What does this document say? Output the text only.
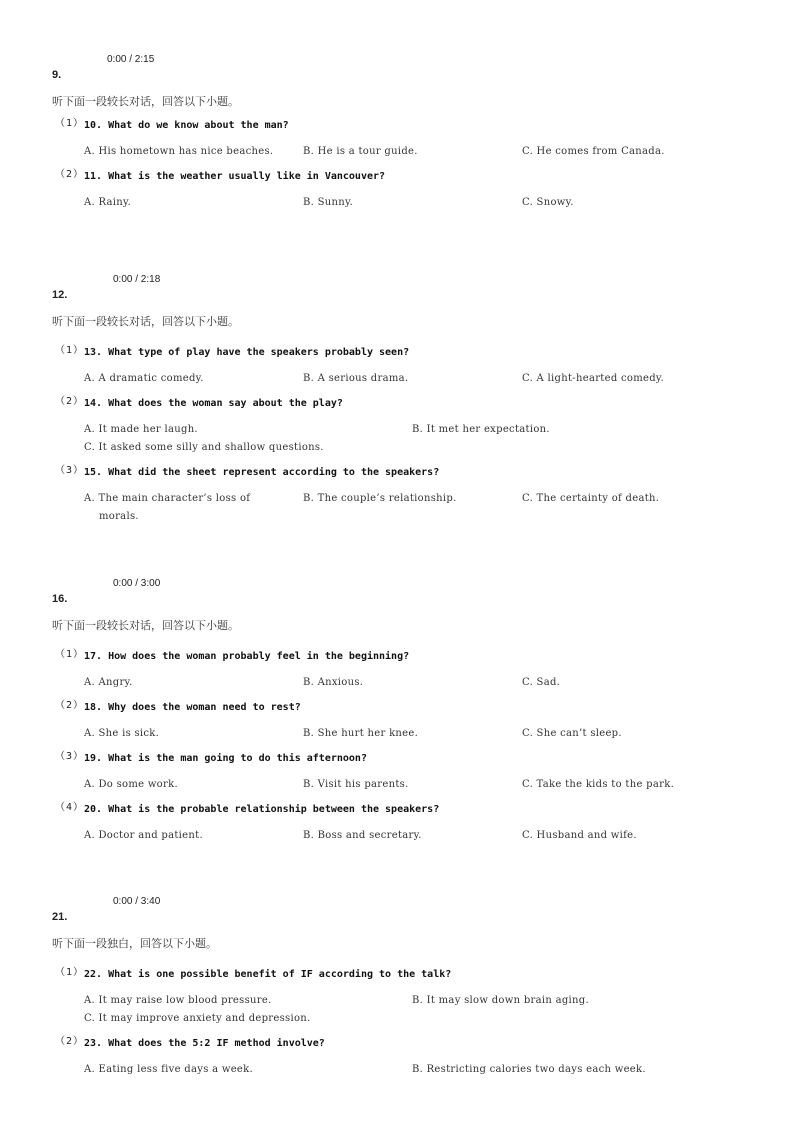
0:00 / 2:15
9.
听下面一段较长对话，回答以下小题。
（1） 10. What do we know about the man?
A. His hometown has nice beaches.	B. He is a tour guide.	C. He comes from Canada.
（2） 11. What is the weather usually like in Vancouver?
A. Rainy.	B. Sunny.	C. Snowy.
0:00 / 2:18
12.
听下面一段较长对话，回答以下小题。
（1） 13. What type of play have the speakers probably seen?
A. A dramatic comedy.	B. A serious drama.	C. A light-hearted comedy.
（2） 14. What does the woman say about the play?
A. It made her laugh.	B. It met her expectation.
C. It asked some silly and shallow questions.
（3） 15. What did the sheet represent according to the speakers?
A. The main character’s loss of
morals.
B. The couple’s relationship.	C. The certainty of death.
0:00 / 3:00
16.
听下面一段较长对话，回答以下小题。
（1） 17. How does the woman probably feel in the beginning?
A. Angry.	B. Anxious.	C. Sad.
（2） 18. Why does the woman need to rest?
A. She is sick.	B. She hurt her knee.	C. She can’t sleep.
（3） 19. What is the man going to do this afternoon?
A. Do some work.	B. Visit his parents.	C. Take the kids to the park.
（4） 20. What is the probable relationship between the speakers?
A. Doctor and patient.	B. Boss and secretary.	C. Husband and wife.
0:00 / 3:40
21.
听下面一段独白，回答以下小题。
（1） 22. What is one possible benefit of IF according to the talk?
A. It may raise low blood pressure.	B. It may slow down brain aging.
C. It may improve anxiety and depression.
（2） 23. What does the 5:2 IF method involve?
A. Eating less five days a week.	B. Restricting calories two days each week.
